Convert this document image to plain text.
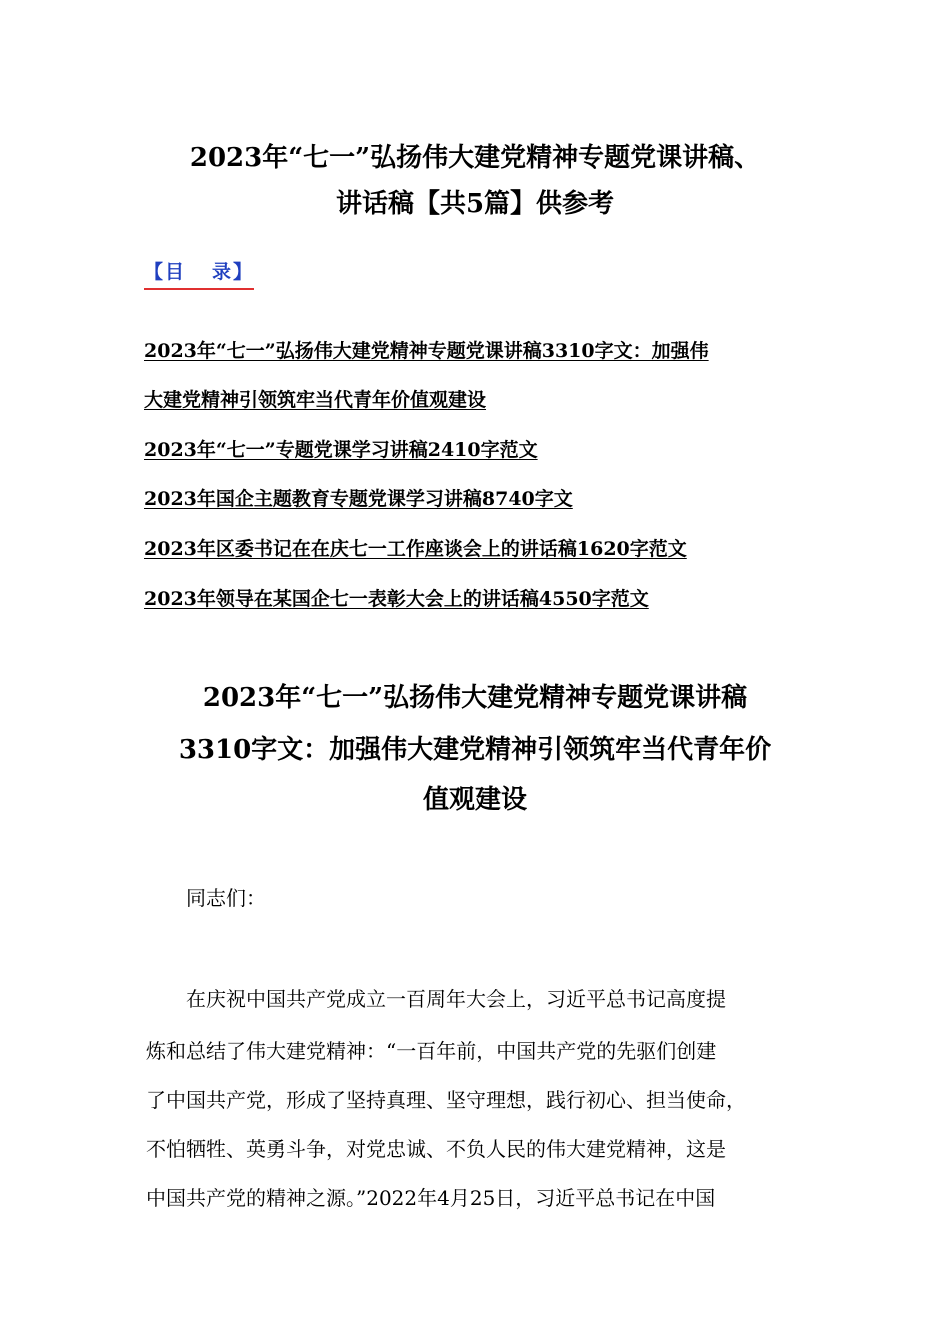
2023年“七一”弘扬伟大建党精神专题党课讲稿、
讲话稿【共5篇】供参考
【目 录】
2023年“七一”弘扬伟大建党精神专题党课讲稿3310字文：加强伟
大建党精神引领筑牢当代青年价值观建设
2023年“七一”专题党课学习讲稿2410字范文
2023年国企主题教育专题党课学习讲稿8740字文
2023年区委书记在在庆七一工作座谈会上的讲话稿1620字范文
2023年领导在某国企七一表彰大会上的讲话稿4550字范文
2023年“七一”弘扬伟大建党精神专题党课讲稿
3310字文：加强伟大建党精神引领筑牢当代青年价
值观建设
同志们：
在庆祝中国共产党成立一百周年大会上，习近平总书记高度提
炼和总结了伟大建党精神：“一百年前，中国共产党的先驱们创建
了中国共产党，形成了坚持真理、坚守理想，践行初心、担当使命，
不怕牺牲、英勇斗争，对党忠诚、不负人民的伟大建党精神，这是
中国共产党的精神之源。”2022年4月25日，习近平总书记在中国
